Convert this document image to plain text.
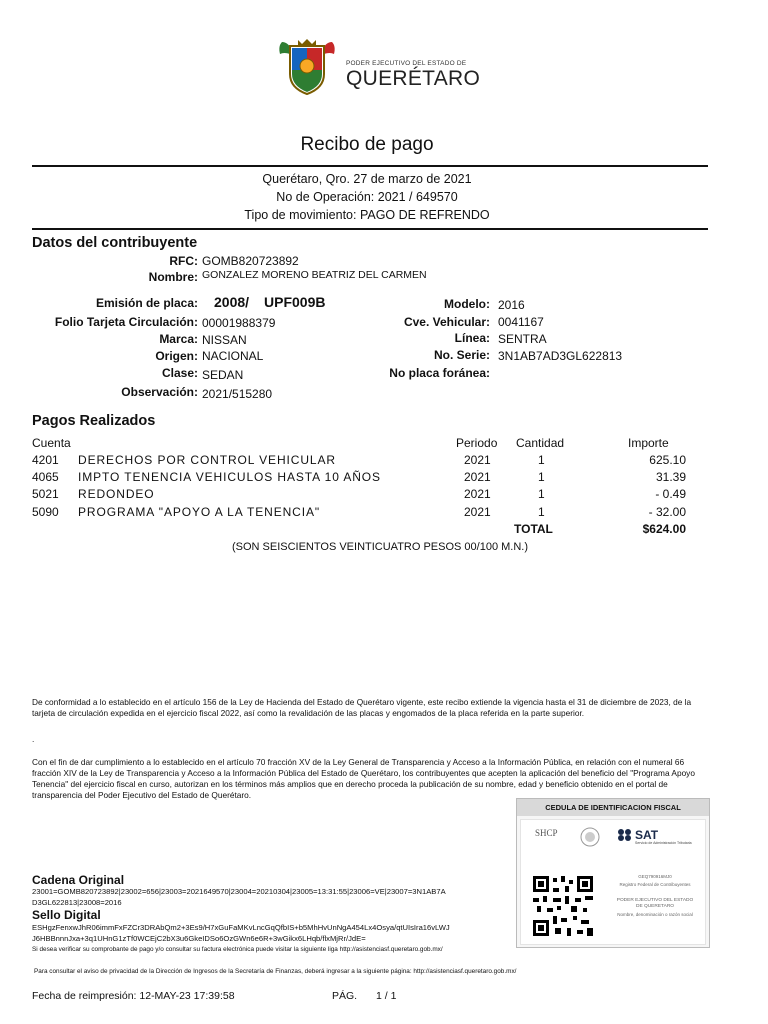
PODER EJECUTIVO DEL ESTADO DE
QUERÉTARO
Recibo de pago
Querétaro, Qro. 27 de marzo de 2021
No de Operación: 2021 / 649570
Tipo de movimiento: PAGO DE REFRENDO
Datos del contribuyente
RFC: GOMB820723892
Nombre: GONZALEZ MORENO BEATRIZ DEL CARMEN
Emisión de placa: 2008/ UPF009B
Folio Tarjeta Circulación: 00001988379
Marca: NISSAN
Origen: NACIONAL
Clase: SEDAN
Observación: 2021/515280
Modelo: 2016
Cve. Vehicular: 0041167
Línea: SENTRA
No. Serie: 3N1AB7AD3GL622813
No placa foránea:
Pagos Realizados
Cuenta	Periodo Cantidad	Importe
4201 DERECHOS POR CONTROL VEHICULAR	2021	1	625.10
4065 IMPTO TENENCIA VEHICULOS HASTA 10 AÑOS	2021	1	31.39
5021 REDONDEO	2021	1	- 0.49
5090 PROGRAMA "APOYO A LA TENENCIA"	2021	1	- 32.00
TOTAL	$624.00
(SON SEISCIENTOS VEINTICUATRO PESOS 00/100 M.N.)
De conformidad a lo establecido en el artículo 156 de la Ley de Hacienda del Estado de Querétaro vigente, este recibo extiende la vigencia hasta el 31 de diciembre de 2023, de la tarjeta de circulación expedida en el ejercicio fiscal 2022, así como la revalidación de las placas y engomados de la placa referida en la parte superior.
.
Con el fin de dar cumplimiento a lo establecido en el artículo 70 fracción XV de la Ley General de Transparencia y Acceso a la Información Pública, en relación con el numeral 66 fracción XIV de la Ley de Transparencia y Acceso a la Información Pública del Estado de Querétaro, los contribuyentes que acepten la aplicación del beneficio del "Programa Apoyo Tenencia" del ejercicio fiscal en curso, autorizan en los términos más amplios que en derecho proceda la publicación de su nombre, edad y beneficio obtenido en el portal de transparencia del Poder Ejecutivo del Estado de Querétaro.
CEDULA DE IDENTIFICACION FISCAL
SHCP	SAT
Servicio de Administración Tributaria
GEQ790916MJ0
Registro Federal de Contribuyentes
PODER EJECUTIVO DEL ESTADO DE QUERETARO
Nombre, denominación o razón social
Cadena Original
23001=GOMB820723892|23002=656|23003=2021649570|23004=20210304|23005=13:31:55|23006=VE|23007=3N1AB7A
D3GL622813|23008=2016
Sello Digital
ESHgzFenxwJhR06immFxFZCr3DRAbQm2+3Es9/H7xGuFaMKvLncGqQfbIS+b5MhHvUnNgA454Lx4Osya/qtUIsIra16vLWJ
J6HBBnnnJxa+3q1UHnG1zTf0WCEjC2bX3u6GkeIDSo6OzGWn6e6R+3wGikx6LHqb/flxMjRr/JdE=
Si desea verificar su comprobante de pago y/o consultar su factura electrónica puede visitar la siguiente liga http://asistenciasf.queretaro.gob.mx/
Para consultar el aviso de privacidad de la Dirección de Ingresos de la Secretaría de Finanzas, deberá ingresar a la siguiente página: http://asistenciasf.queretaro.gob.mx/
Fecha de reimpresión: 12-MAY-23 17:39:58	PÁG. 1 / 1
